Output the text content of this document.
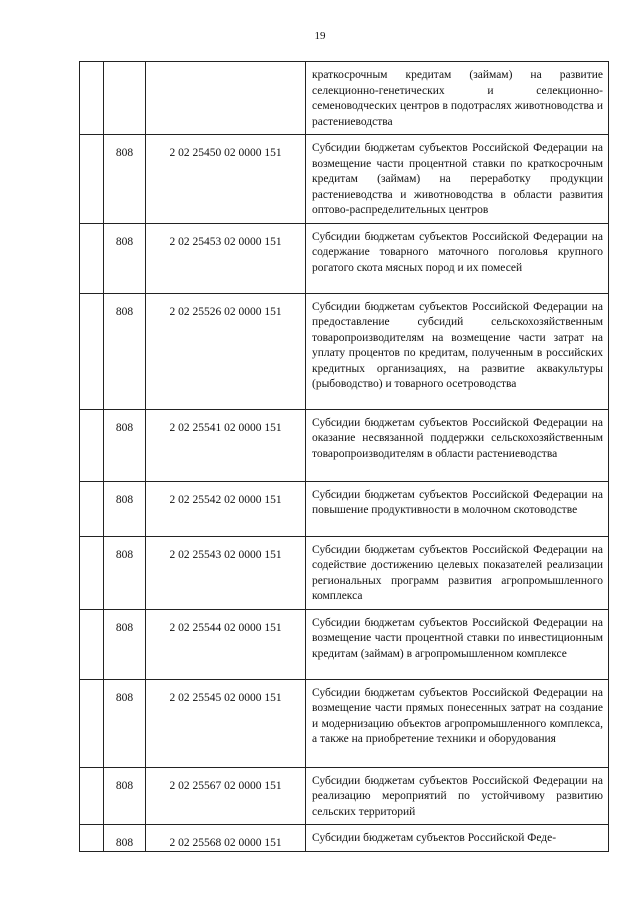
19
			краткосрочным кредитам (займам) на развитие селекционно-генетических и селекционно-семеноводческих центров в подотраслях животноводства и растениеводства
	808	2 02 25450 02 0000 151	Субсидии бюджетам субъектов Российской Федерации на возмещение части процентной ставки по краткосрочным кредитам (займам) на переработку продукции растениеводства и животноводства в области развития оптово-распределительных центров
	808	2 02 25453 02 0000 151	Субсидии бюджетам субъектов Российской Федерации на содержание товарного маточного поголовья крупного рогатого скота мясных пород и их помесей
	808	2 02 25526 02 0000 151	Субсидии бюджетам субъектов Российской Федерации на предоставление субсидий сельскохозяйственным товаропроизводителям на возмещение части затрат на уплату процентов по кредитам, полученным в российских кредитных организациях, на развитие аквакультуры (рыбоводство) и товарного осетроводства
	808	2 02 25541 02 0000 151	Субсидии бюджетам субъектов Российской Федерации на оказание несвязанной поддержки сельскохозяйственным товаропроизводителям в области растениеводства
	808	2 02 25542 02 0000 151	Субсидии бюджетам субъектов Российской Федерации на повышение продуктивности в молочном скотоводстве
	808	2 02 25543 02 0000 151	Субсидии бюджетам субъектов Российской Федерации на содействие достижению целевых показателей реализации региональных программ развития агропромышленного комплекса
	808	2 02 25544 02 0000 151	Субсидии бюджетам субъектов Российской Федерации на возмещение части процентной ставки по инвестиционным кредитам (займам) в агропромышленном комплексе
	808	2 02 25545 02 0000 151	Субсидии бюджетам субъектов Российской Федерации на возмещение части прямых понесенных затрат на создание и модернизацию объектов агропромышленного комплекса, а также на приобретение техники и оборудования
	808	2 02 25567 02 0000 151	Субсидии бюджетам субъектов Российской Федерации на реализацию мероприятий по устойчивому развитию сельских территорий
	808	2 02 25568 02 0000 151	Субсидии бюджетам субъектов Российской Феде-
